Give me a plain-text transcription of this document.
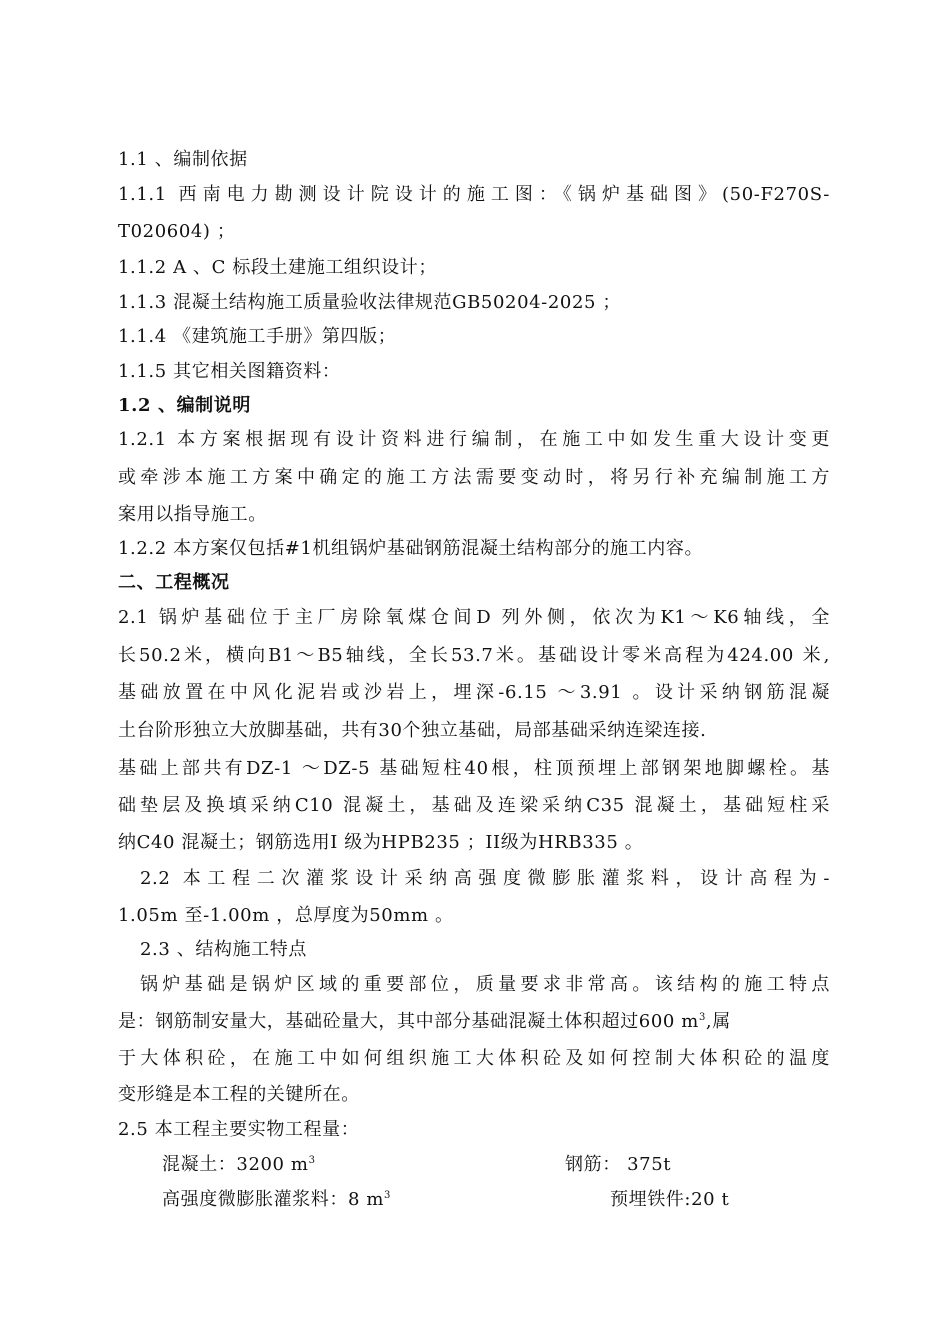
1.1 、编制依据
1.1.1 西南电力勘测设计院设计的施工图：《锅炉基础图》(50-F270S-
T020604) ；
1.1.2 A 、C 标段土建施工组织设计；
1.1.3 混凝土结构施工质量验收法律规范GB50204-2025 ；
1.1.4 《建筑施工手册》第四版；
1.1.5 其它相关图籍资料：
1.2 、编制说明
1.2.1 本方案根据现有设计资料进行编制，在施工中如发生重大设计变更
或牵涉本施工方案中确定的施工方法需要变动时，将另行补充编制施工方
案用以指导施工。
1.2.2 本方案仅包括#1机组锅炉基础钢筋混凝土结构部分的施工内容。
二、工程概况
2.1 锅炉基础位于主厂房除氧煤仓间D 列外侧，依次为K1～K6轴线，全
长50.2米，横向B1～B5轴线，全长53.7米。基础设计零米高程为424.00 米,
基础放置在中风化泥岩或沙岩上，埋深-6.15 ～3.91 。设计采纳钢筋混凝
土台阶形独立大放脚基础，共有30个独立基础，局部基础采纳连梁连接.
基础上部共有DZ-1 ～DZ-5 基础短柱40根，柱顶预埋上部钢架地脚螺栓。基
础垫层及换填采纳C10 混凝土，基础及连梁采纳C35 混凝土，基础短柱采
纳C40 混凝土；钢筋选用I 级为HPB235 ；II级为HRB335 。
2.2 本工程二次灌浆设计采纳高强度微膨胀灌浆料，设计高程为-
1.05m 至-1.00m ，总厚度为50mm 。
2.3 、结构施工特点
锅炉基础是锅炉区域的重要部位，质量要求非常高。该结构的施工特点
是：钢筋制安量大，基础砼量大，其中部分基础混凝土体积超过600 $m^3$,属
于大体积砼，在施工中如何组织施工大体积砼及如何控制大体积砼的温度
变形缝是本工程的关键所在。
2.5 本工程主要实物工程量：
混凝土：3200 $m^3$	钢筋： 375t
高强度微膨胀灌浆料：8 $m^3$	预埋铁件:20 t
